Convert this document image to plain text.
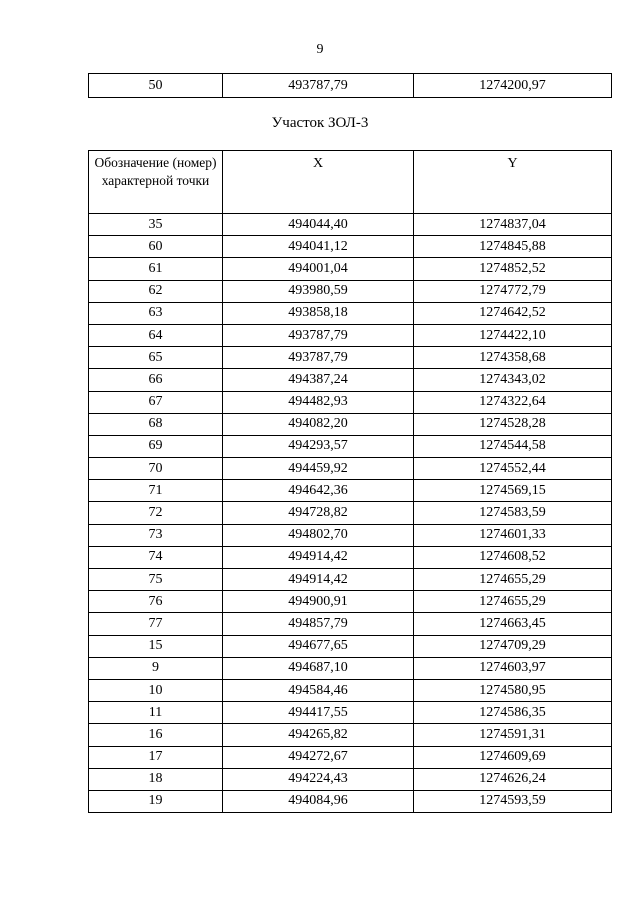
9
50	493787,79	1274200,97
Участок ЗОЛ-3
Обозначение (номер) характерной точки	X	Y
35	494044,40	1274837,04
60	494041,12	1274845,88
61	494001,04	1274852,52
62	493980,59	1274772,79
63	493858,18	1274642,52
64	493787,79	1274422,10
65	493787,79	1274358,68
66	494387,24	1274343,02
67	494482,93	1274322,64
68	494082,20	1274528,28
69	494293,57	1274544,58
70	494459,92	1274552,44
71	494642,36	1274569,15
72	494728,82	1274583,59
73	494802,70	1274601,33
74	494914,42	1274608,52
75	494914,42	1274655,29
76	494900,91	1274655,29
77	494857,79	1274663,45
15	494677,65	1274709,29
9	494687,10	1274603,97
10	494584,46	1274580,95
11	494417,55	1274586,35
16	494265,82	1274591,31
17	494272,67	1274609,69
18	494224,43	1274626,24
19	494084,96	1274593,59
